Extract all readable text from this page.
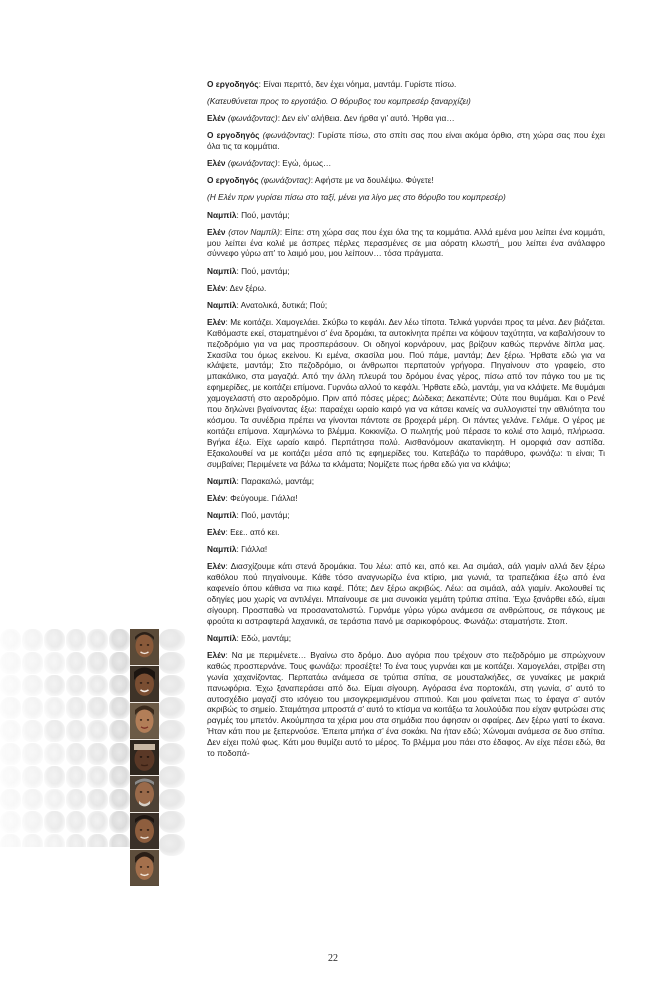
Ο εργοδηγός: Είναι περιττό, δεν έχει νόημα, μαντάμ. Γυρίστε πίσω.

(Κατευθύνεται προς το εργοτάξιο. Ο θόρυβος του κομπρεσέρ ξαναρχίζει)

Ελέν (φωνάζοντας): Δεν είν’ αλήθεια. Δεν ήρθα γι’ αυτό. Ήρθα για…

Ο εργοδηγός (φωνάζοντας): Γυρίστε πίσω, στο σπίτι σας που είναι ακόμα όρθιο, στη χώρα σας που έχει όλα τις τα κομμάτια.

Ελέν (φωνάζοντας): Εγώ, όμως…

Ο εργοδηγός (φωνάζοντας): Αφήστε με να δουλέψω. Φύγετε!

(Η Ελέν πριν γυρίσει πίσω στο ταξί, μένει για λίγο μες στο θόρυβο του κομπρεσέρ)

Ναμπίλ: Πού, μαντάμ;

Ελέν (στον Ναμπίλ): Είπε: στη χώρα σας που έχει όλα της τα κομμάτια. Αλλά εμένα μου λείπει ένα κομμάτι, μου λείπει ένα κολιέ με άσπρες πέρλες περασμένες σε μια αόρατη κλωστή_ μου λείπει ένα ανάλαφρο σύννεφο γύρω απ’ το λαιμό μου, μου λείπουν… τόσα πράγματα.

Ναμπίλ: Πού, μαντάμ;

Ελέν: Δεν ξέρω.

Ναμπίλ: Ανατολικά, δυτικά; Πού;

Ελέν: Με κοιτάζει. Χαμογελάει. Σκύβω το κεφάλι. Δεν λέω τίποτα. Τελικά γυρνάει προς τα μένα. Δεν βιάζεται. Καθόμαστε εκεί, σταματημένοι σ’ ένα δρομάκι, τα αυτοκίνητα πρέπει να κόψουν ταχύτητα, να καβαλήσουν το πεζοδρόμιο για να μας προσπεράσουν. Οι οδηγοί κορνάρουν, μας βρίζουν καθώς περνάνε δίπλα μας. Σκασίλα του όμως εκείνου. Κι εμένα, σκασίλα μου. Πού πάμε, μαντάμ; Δεν ξέρω. Ήρθατε εδώ για να κλάψετε, μαντάμ; Στο πεζοδρόμιο, οι άνθρωποι περπατούν γρήγορα. Πηγαίνουν στο γραφείο, στο μπακάλικο, στα μαγαζιά. Από την άλλη πλευρά του δρόμου ένας γέρος, πίσω από τον πάγκο του με τις εφημερίδες, με κοιτάζει επίμονα. Γυρνάω αλλού το κεφάλι. Ήρθατε εδώ, μαντάμ, για να κλάψετε. Με θυμάμαι χαμογελαστή στο αεροδρόμιο. Πριν από πόσες μέρες; Δώδεκα; Δεκαπέντε; Ούτε που θυμάμαι. Και ο Ρενέ που δηλώνει βγαίνοντας έξω: παραέχει ωραίο καιρό για να κάτσει κανείς να συλλογιστεί την αθλιότητα του κόσμου. Τα συνέδρια πρέπει να γίνονται πάντοτε σε βροχερά μέρη. Οι πάντες γελάνε. Γελάμε. Ο γέρος με κοιτάζει επίμονα. Χαμηλώνω το βλέμμα. Κοκκινίζω. Ο πωλητής μού πέρασε το κολιέ στο λαιμό, πλήρωσα. Βγήκα έξω. Είχε ωραίο καιρό. Περπάτησα πολύ. Αισθανόμουν ακατανίκητη. Η ομορφιά σαν ασπίδα. Εξακολουθεί να με κοιτάζει μέσα από τις εφημερίδες του. Κατεβάζω το παράθυρο, φωνάζω: τι είναι; Τι συμβαίνει; Περιμένετε να βάλω τα κλάματα; Νομίζετε πως ήρθα εδώ για να κλάψω;

Ναμπίλ: Παρακαλώ, μαντάμ;

Ελέν: Φεύγουμε. Γιάλλα!

Ναμπίλ: Πού, μαντάμ;

Ελέν: Εεε.. από κει.

Ναμπίλ: Γιάλλα!

Ελέν: Διασχίζουμε κάτι στενά δρομάκια. Του λέω: από κει, από κει. Αα σιμάαλ, αάλ γιαμίν αλλά δεν ξέρω καθόλου πού πηγαίνουμε. Κάθε τόσο αναγνωρίζω ένα κτίριο, μια γωνιά, τα τραπεζάκια έξω από ένα καφενείο όπου κάθισα να πιω καφέ. Πότε; Δεν ξέρω ακριβώς. Λέω: αα σιμάαλ, αάλ γιαμίν. Ακολουθεί τις οδηγίες μου χωρίς να αντιλέγει. Μπαίνουμε σε μια συνοικία γεμάτη τρύπια σπίτια. Έχω ξανάρθει εδώ, είμαι σίγουρη. Προσπαθώ να προσανατολιστώ. Γυρνάμε γύρω γύρω ανάμεσα σε ανθρώπους, σε πάγκους με φρούτα κι αστραφτερά λαχανικά, σε τεράστια πανό με σαρικοφόρους. Φωνάζω: σταματήστε. Στοπ.

Ναμπίλ: Εδώ, μαντάμ;

Ελέν: Να με περιμένετε… Βγαίνω στο δρόμο. Δυο αγόρια που τρέχουν στο πεζοδρόμιο με σπρώχνουν καθώς προσπερνάνε. Τους φωνάζω: προσέξτε! Το ένα τους γυρνάει και με κοιτάζει. Χαμογελάει, στρίβει στη γωνία χαχανίζοντας. Περπατάω ανάμεσα σε τρύπια σπίτια, σε μουσταλκήδες, σε γυναίκες με μακριά πανωφόρια. Έχω ξαναπεράσει από δω. Είμαι σίγουρη. Αγόρασα ένα πορτοκάλι, στη γωνία, σ’ αυτό το αυτοσχέδιο μαγαζί στο ισόγειο του μισογκρεμισμένου σπιτιού. Και μου φαίνεται πως το έφαγα σ’ αυτόν ακριβώς το σημείο. Σταμάτησα μπροστά σ’ αυτό το κτίσμα να κοιτάξω τα λουλούδια που είχαν φυτρώσει στις ραγμές του μπετόν. Ακούμπησα τα χέρια μου στα σημάδια που άφησαν οι σφαίρες. Δεν ξέρω γιατί το έκανα. Ήταν κάτι που με ξεπερνούσε. Έπειτα μπήκα σ’ ένα σοκάκι. Να ήταν εδώ; Χώνομαι ανάμεσα σε δυο σπίτια. Δεν είχει πολύ φως. Κάτι μου θυμίζει αυτό το μέρος. Το βλέμμα μου πάει στο έδαφος. Αν είχε πέσει εδώ, θα το ποδοπά-

22
